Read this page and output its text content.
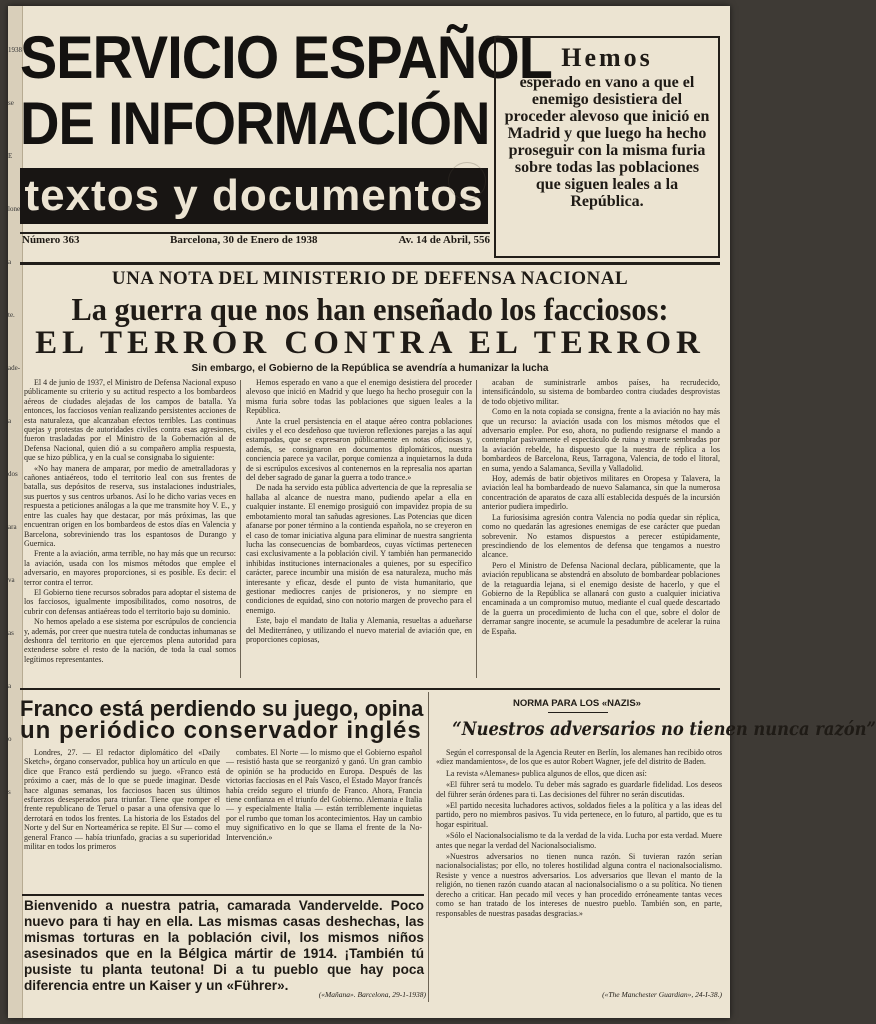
1938
se
E
lone
a
te.
ade-
a
dos
ara
va
as
a
o
s
SERVICIO ESPAÑOL
DE INFORMACIÓN
textos y documentos
Hemos
esperado en vano a que el enemigo desistiera del proceder alevoso que inició en Madrid y que luego ha hecho proseguir con la misma furia sobre todas las poblaciones que siguen leales a la República.
Número 363	Barcelona, 30 de Enero de 1938	Av. 14 de Abril, 556
UNA NOTA DEL MINISTERIO DE DEFENSA NACIONAL
La guerra que nos han enseñado los facciosos:
EL TERROR CONTRA EL TERROR
Sin embargo, el Gobierno de la República se avendría a humanizar la lucha

El 4 de junio de 1937, el Ministro de Defensa Nacional expuso públicamente su criterio y su actitud respecto a los bombardeos aéreos de ciudades alejadas de los campos de batalla. Ya entonces, los facciosos venían realizando persistentes acciones de esta naturaleza, que alcanzaban efectos terribles. Las continuas quejas y protestas de autoridades civiles contra esas agresiones, fueron trasladadas por el Ministro de la Gobernación al de Defensa Nacional, quien dió a su compañero amplia respuesta, que se hizo pública, y en la cual se consignaba lo siguiente:

«No hay manera de amparar, por medio de ametralladoras y cañones antiaéreos, todo el territorio leal con sus frentes de batalla, sus depósitos de reserva, sus instalaciones industriales, sus puertos y sus centros urbanos. Así lo he dicho varias veces en respuesta a peticiones análogas a la que me transmite hoy V. E., y entre las cuales hay que destacar, por más próximas, las que encuentran origen en los bombardeos de estos días en Valencia y Barcelona, sobreviniendo tras los espantosos de Durango y Guernica.

Frente a la aviación, arma terrible, no hay más que un recurso: la aviación, usada con los mismos métodos que emplee el adversario, en mayores proporciones, si es posible. Es decir: el terror contra el terror.

El Gobierno tiene recursos sobrados para adoptar el sistema de los facciosos, igualmente imposibilitados, como nosotros, de cubrir con defensas antiaéreas todo el territorio bajo su dominio.

No hemos apelado a ese sistema por escrúpulos de conciencia y, además, por creer que nuestra tutela de conductas inhumanas se deshonra del territorio en que ejercemos plena autoridad para extenderse sobre el resto de la nación, de toda la cual somos legítimos representantes.

Hemos esperado en vano a que el enemigo desistiera del proceder alevoso que inició en Madrid y que luego ha hecho proseguir con la misma furia sobre todas las poblaciones que siguen leales a la República.

Ante la cruel persistencia en el ataque aéreo contra poblaciones civiles y el eco desdeñoso que tuvieron reflexiones parejas a las aquí estampadas, que se expresaron públicamente en notas oficiosas y, además, se consignaron en documentos diplomáticos, nuestra conciencia parece ya vacilar, porque comienza a inquietarnos la duda de si escrúpulos excesivos al contenernos en la represalia nos apartan del deber sagrado de ganar la guerra a todo trance.»

De nada ha servido esta pública advertencia de que la represalia se hallaba al alcance de nuestra mano, pudiendo apelar a ella en cualquier instante. El enemigo prosiguió con impavidez propia de su embotamiento moral tan sañudas agresiones. Las Potencias que dicen afanarse por poner término a la contienda española, no se creyeron en el caso de tomar iniciativa alguna para eliminar de nuestra sangrienta lucha las consecuencias de bombardeos, cuyas víctimas pertenecen casi exclusivamente a la población civil. Y también han permanecido inhibidas instituciones internacionales a quienes, por su específico carácter, parece incumbir una misión de esa naturaleza, mucho más interesante y eficaz, desde el punto de vista humanitario, que gestionar mediocres canjes de prisioneros, y no siempre en condiciones de equidad, sino con notorio margen de provecho para el enemigo.

Este, bajo el mandato de Italia y Alemania, resueltas a adueñarse del Mediterráneo, y utilizando el nuevo material de aviación que, en proporciones copiosas,

acaban de suministrarle ambos países, ha recrudecido, intensificándolo, su sistema de bombardeo contra ciudades desprovistas de todo objetivo militar.

Como en la nota copiada se consigna, frente a la aviación no hay más que un recurso: la aviación usada con los mismos métodos que el adversario emplee. Por eso, ahora, no pudiendo resignarse el mando a contemplar pasivamente el espectáculo de ruina y muerte sembradas por la aviación rebelde, ha dispuesto que la nuestra de réplica a los bombardeos de Barcelona, Reus, Tarragona, Valencia, de todo el litoral, en suma, yendo a Salamanca, Sevilla y Valladolid.

Hoy, además de batir objetivos militares en Oropesa y Talavera, la aviación leal ha bombardeado de nuevo Salamanca, sin que la numerosa concentración de aparatos de caza allí establecida después de la incursión anterior pudiera impedirlo.

La furiosísima agresión contra Valencia no podía quedar sin réplica, como no quedarán las agresiones enemigas de ese carácter que puedan sobrevenir. No estamos dispuestos a perecer estúpidamente, prescindiendo de los elementos de defensa que tengamos a nuestro alcance.

Pero el Ministro de Defensa Nacional declara, públicamente, que la aviación republicana se abstendrá en absoluto de bombardear poblaciones de la retaguardia lejana, si el enemigo desiste de hacerlo, y que el Gobierno de la República se allanará con gusto a cualquier iniciativa encaminada a un compromiso mutuo, mediante el cual quede descartado de la guerra un procedimiento de lucha con el que, sobre el dolor de derramar sangre inocente, se acumule la pesadumbre de acelerar la ruina de España.

Franco está perdiendo su juego, opina
un periódico conservador inglés

Londres, 27. — El redactor diplomático del «Daily Sketch», órgano conservador, publica hoy un artículo en que dice que Franco está perdiendo su juego. «Franco está próximo a caer, más de lo que se puede imaginar. Desde hace algunas semanas, los facciosos hacen sus últimos esfuerzos desesperados para triunfar. Tiene que romper el frente republicano de Teruel o pasar a una ofensiva que lo derrotará en todos los frentes. La historia de los Estados del Norte y del Sur en Norteamérica se repite. El Sur — como el general Franco — había triunfado, gracias a su superioridad militar en todos los primeros

combates. El Norte — lo mismo que el Gobierno español — resistió hasta que se reorganizó y ganó. Un gran cambio de opinión se ha producido en Europa. Después de las victorias facciosas en el País Vasco, el Estado Mayor francés había creído seguro el triunfo de Franco. Ahora, Francia tiene confianza en el triunfo del Gobierno. Alemania e Italia — y especialmente Italia — están terriblemente inquietas por el rumbo que toman los acontecimientos. Hay un cambio muy significativo en lo que se llama el frente de la No-Intervención.»

Bienvenido a nuestra patria, camarada Vandervelde. Poco nuevo para ti hay en ella. Las mismas casas deshechas, las mismas torturas en la población civil, los mismos niños asesinados que en la Bélgica mártir de 1914. ¡También tú pusiste tu planta teutona! Di a tu pueblo que hay poca diferencia entre un Kaiser y un «Führer».
(«Mañana». Barcelona, 29-1-1938)
NORMA PARA LOS «NAZIS»
“Nuestros adversarios no tienen nunca razón”

Según el corresponsal de la Agencia Reuter en Berlín, los alemanes han recibido otros «diez mandamientos», de los que es autor Robert Wagner, jefe del distrito de Baden.

La revista «Alemanes» publica algunos de ellos, que dicen así:

«El führer será tu modelo. Tu deber más sagrado es guardarle fidelidad. Los deseos del führer serán órdenes para ti. Las decisiones del führer no serán discutidas.

»El partido necesita luchadores activos, soldados fieles a la política y a las ideas del partido, pero no miembros pasivos. Tu vida pertenece, en lo futuro, al partido, que es tu hogar espiritual.

»Sólo el Nacionalsocialismo te da la verdad de la vida. Lucha por esta verdad. Muere antes que negar la verdad del Nacionalsocialismo.

»Nuestros adversarios no tienen nunca razón. Si tuvieran razón serían nacionalsocialistas; por ello, no toleres hostilidad alguna contra el nacionalsocialismo. Resiste y vence a nuestros adversarios. Los adversarios que llevan el manto de la religión, no tienen razón cuando atacan al nacionalsocialismo o a su política. No tienen derecho a criticar. Han pecado mil veces y han procedido erróneamente tantas veces como se han tratado de los intereses de nuestro pueblo. También son, en parte, responsables de nuestras pasadas desgracias.»

(«The Manchester Guardian», 24-I-38.)
